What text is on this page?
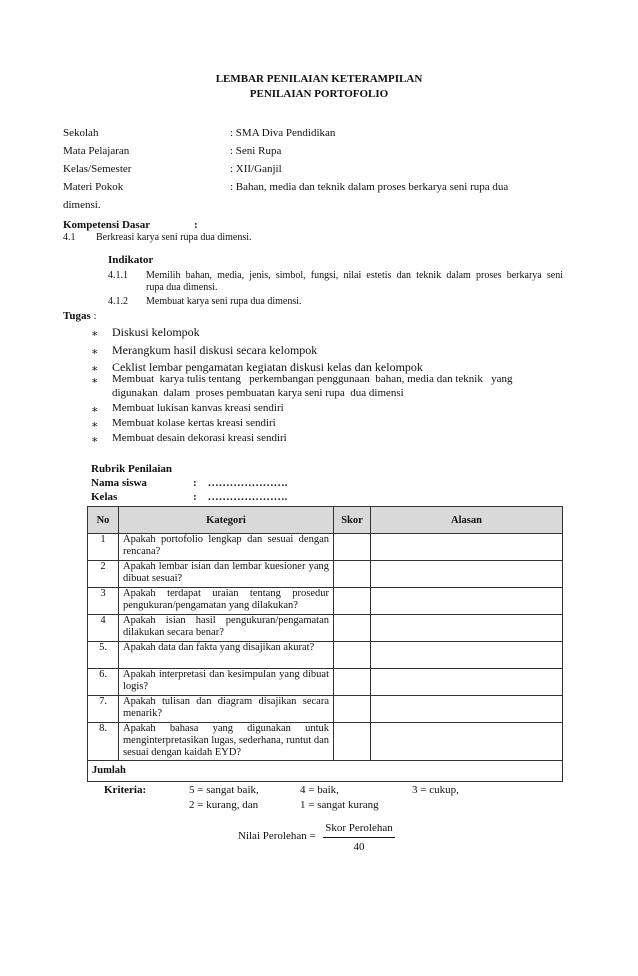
LEMBAR PENILAIAN KETERAMPILAN
PENILAIAN PORTOFOLIO
Sekolah	: SMA Diva Pendidikan
Mata Pelajaran	: Seni Rupa
Kelas/Semester	: XII/Ganjil
Materi Pokok	: Bahan, media dan teknik dalam proses berkarya seni rupa dua
dimensi.
Kompetensi Dasar	:
4.1 Berkreasi karya seni rupa dua dimensi.
Indikator
4.1.1 Memilih bahan, media, jenis, simbol, fungsi, nilai estetis dan teknik dalam proses berkarya seni
rupa dua dimensi.
4.1.2 Membuat karya seni rupa dua dimensi.
Tugas :
∗ Diskusi kelompok
∗ Merangkum hasil diskusi secara kelompok
∗ Ceklist lembar pengamatan kegiatan diskusi kelas dan kelompok
∗ Membuat  karya tulis tentang   perkembangan penggunaan  bahan, media dan teknik   yang
digunakan  dalam  proses pembuatan karya seni rupa  dua dimensi
∗ Membuat lukisan kanvas kreasi sendiri
∗ Membuat kolase kertas kreasi sendiri
∗ Membuat desain dekorasi kreasi sendiri
Rubrik Penilaian
Nama siswa	:    ………………….
Kelas	:    ………………….
No	Kategori	Skor	Alasan
1	Apakah portofolio lengkap dan sesuai dengan rencana?		
2	Apakah lembar isian dan lembar kuesioner yang dibuat sesuai?		
3	Apakah terdapat uraian tentang prosedur pengukuran/pengamatan yang dilakukan?		
4	Apakah isian hasil pengukuran/pengamatan dilakukan secara benar?		
5.	Apakah data dan fakta yang disajikan akurat?		
6.	Apakah interpretasi dan kesimpulan yang dibuat logis?		
7.	Apakah tulisan dan diagram disajikan secara menarik?		
8.	Apakah bahasa yang digunakan untuk menginterpretasikan lugas, sederhana, runtut dan sesuai dengan kaidah EYD?		
Jumlah			
Kriteria:	5 = sangat baik,	4 = baik,	3 = cukup,
2 = kurang, dan	1 = sangat kurang
Skor Perolehan
Nilai Perolehan =
40
